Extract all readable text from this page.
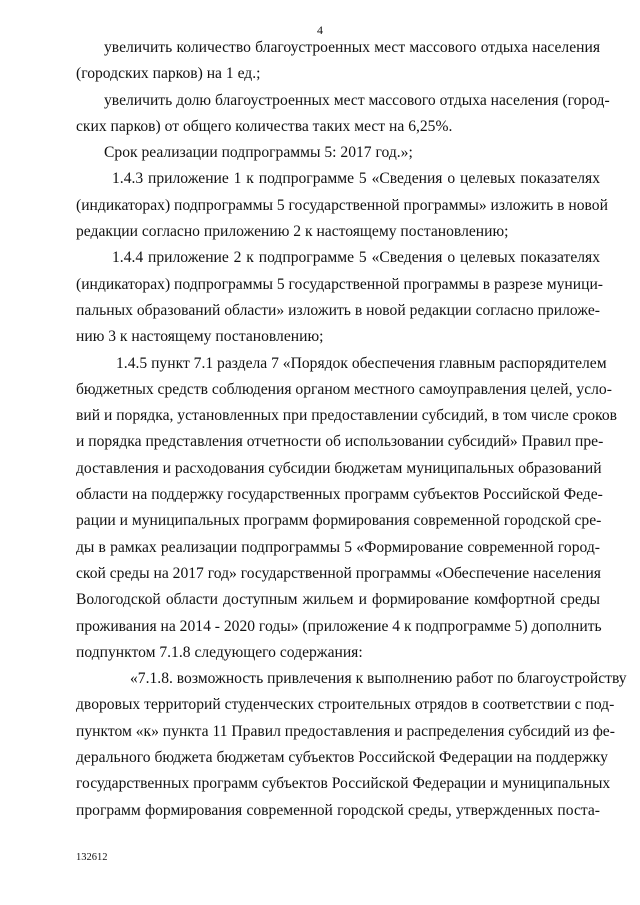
4
увеличить количество благоустроенных мест массового отдыха населения
(городских парков) на 1 ед.;
увеличить долю благоустроенных мест массового отдыха населения (город-
ских парков) от общего количества таких мест на 6,25%.
Срок реализации подпрограммы 5: 2017 год.»;
1.4.3 приложение 1 к подпрограмме 5 «Сведения о целевых показателях
(индикаторах) подпрограммы 5 государственной программы» изложить в новой
редакции согласно приложению 2 к настоящему постановлению;
1.4.4 приложение 2 к подпрограмме 5 «Сведения о целевых показателях
(индикаторах) подпрограммы 5 государственной программы в разрезе муници-
пальных образований области» изложить в новой редакции согласно приложе-
нию 3 к настоящему постановлению;
1.4.5 пункт 7.1 раздела 7 «Порядок обеспечения главным распорядителем
бюджетных средств соблюдения органом местного самоуправления целей, усло-
вий и порядка, установленных при предоставлении субсидий, в том числе сроков
и порядка представления отчетности об использовании субсидий» Правил пре-
доставления и расходования субсидии бюджетам муниципальных образований
области на поддержку государственных программ субъектов Российской Феде-
рации и муниципальных программ формирования современной городской сре-
ды в рамках реализации подпрограммы 5 «Формирование современной город-
ской среды на 2017 год» государственной программы «Обеспечение населения
Вологодской области доступным жильем и формирование комфортной среды
проживания на 2014 - 2020 годы» (приложение 4 к подпрограмме 5) дополнить
подпунктом 7.1.8 следующего содержания:
«7.1.8. возможность привлечения к выполнению работ по благоустройству
дворовых территорий студенческих строительных отрядов в соответствии с под-
пунктом «к» пункта 11 Правил предоставления и распределения субсидий из фе-
дерального бюджета бюджетам субъектов Российской Федерации на поддержку
государственных программ субъектов Российской Федерации и муниципальных
программ формирования современной городской среды, утвержденных поста-
132612
